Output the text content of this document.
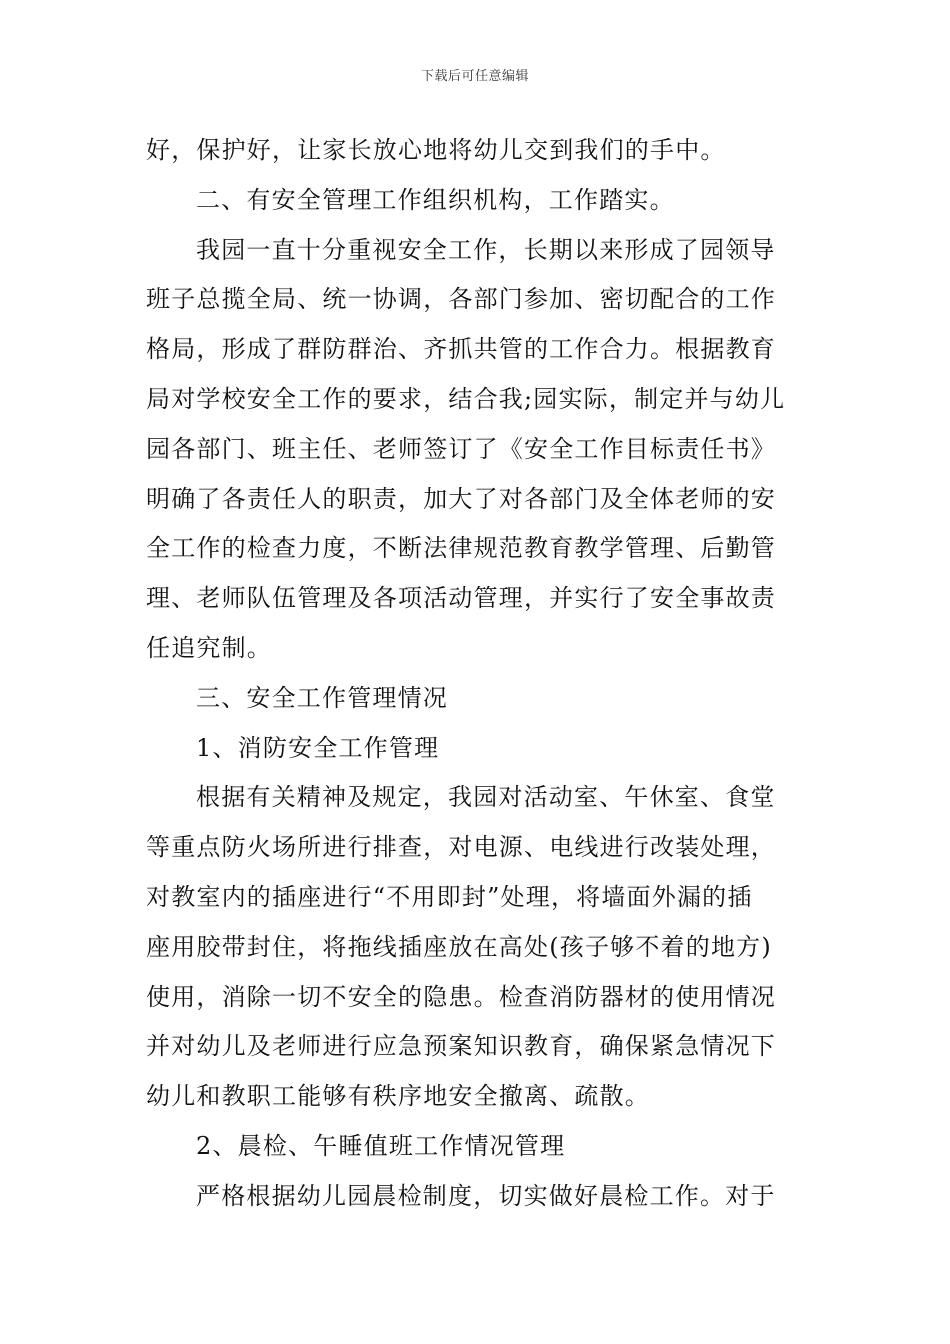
下载后可任意编辑
好，保护好，让家长放心地将幼儿交到我们的手中。
二、有安全管理工作组织机构，工作踏实。
我园一直十分重视安全工作，长期以来形成了园领导
班子总揽全局、统一协调，各部门参加、密切配合的工作
格局，形成了群防群治、齐抓共管的工作合力。根据教育
局对学校安全工作的要求，结合我;园实际，制定并与幼儿
园各部门、班主任、老师签订了《安全工作目标责任书》
明确了各责任人的职责，加大了对各部门及全体老师的安
全工作的检查力度，不断法律规范教育教学管理、后勤管
理、老师队伍管理及各项活动管理，并实行了安全事故责
任追究制。
三、安全工作管理情况
1、消防安全工作管理
根据有关精神及规定，我园对活动室、午休室、食堂
等重点防火场所进行排查，对电源、电线进行改装处理，
对教室内的插座进行“不用即封”处理，将墙面外漏的插
座用胶带封住，将拖线插座放在高处(孩子够不着的地方)
使用，消除一切不安全的隐患。检查消防器材的使用情况
并对幼儿及老师进行应急预案知识教育，确保紧急情况下
幼儿和教职工能够有秩序地安全撤离、疏散。
2、晨检、午睡值班工作情况管理
严格根据幼儿园晨检制度，切实做好晨检工作。对于
